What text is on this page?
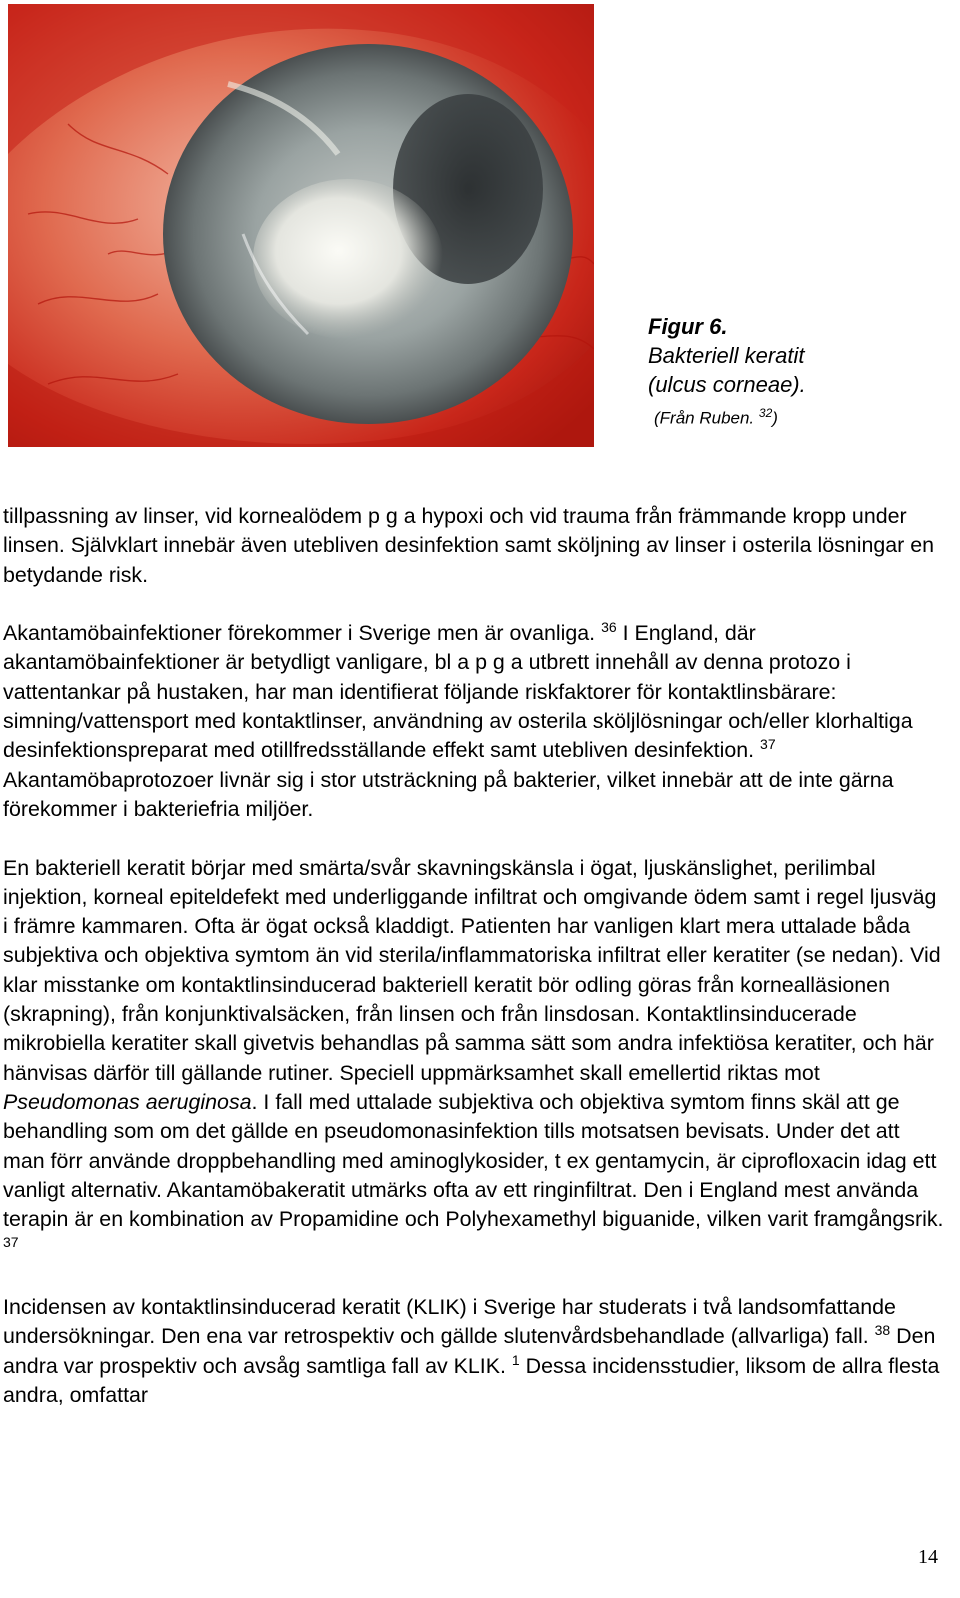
Figur 6.
Bakteriell keratit
(ulcus corneae).
(Från Ruben. $^{32}$)

tillpassning av linser, vid kornealödem p g a hypoxi och vid trauma från främmande kropp under linsen. Självklart innebär även utebliven desinfektion samt sköljning av linser i osterila lösningar en betydande risk.

Akantamöbainfektioner förekommer i Sverige men är ovanliga. $^{36}$ I England, där akantamöbainfektioner är betydligt vanligare, bl a p g a utbrett innehåll av denna protozo i vattentankar på hustaken, har man identifierat följande riskfaktorer för kontaktlinsbärare: simning/vattensport med kontaktlinser, användning av osterila sköljlösningar och/eller klorhaltiga desinfektionspreparat med otillfredsställande effekt samt utebliven desinfektion. $^{37}$ Akantamöbaprotozoer livnär sig i stor utsträckning på bakterier, vilket innebär att de inte gärna förekommer i bakteriefria miljöer.

En bakteriell keratit börjar med smärta/svår skavningskänsla i ögat, ljuskänslighet, perilimbal injektion, korneal epiteldefekt med underliggande infiltrat och omgivande ödem samt i regel ljusväg i främre kammaren. Ofta är ögat också kladdigt. Patienten har vanligen klart mera uttalade båda subjektiva och objektiva symtom än vid sterila/inflammatoriska infiltrat eller keratiter (se nedan). Vid klar misstanke om kontaktlinsinducerad bakteriell keratit bör odling göras från kornealläsionen (skrapning), från konjunktivalsäcken, från linsen och från linsdosan. Kontaktlinsinducerade mikrobiella keratiter skall givetvis behandlas på samma sätt som andra infektiösa keratiter, och här hänvisas därför till gällande rutiner. Speciell uppmärksamhet skall emellertid riktas mot Pseudomonas aeruginosa. I fall med uttalade subjektiva och objektiva symtom finns skäl att ge behandling som om det gällde en pseudomonasinfektion tills motsatsen bevisats. Under det att man förr använde droppbehandling med aminoglykosider, t ex gentamycin, är ciprofloxacin idag ett vanligt alternativ. Akantamöbakeratit utmärks ofta av ett ringinfiltrat. Den i England mest använda terapin är en kombination av Propamidine och Polyhexamethyl biguanide, vilken varit framgångsrik. $^{37}$

Incidensen av kontaktlinsinducerad keratit (KLIK) i Sverige har studerats i två landsomfattande undersökningar. Den ena var retrospektiv och gällde slutenvårdsbehandlade (allvarliga) fall. $^{38}$ Den andra var prospektiv och avsåg samtliga fall av KLIK. $^1$ Dessa incidensstudier, liksom de allra flesta andra, omfattar

14
